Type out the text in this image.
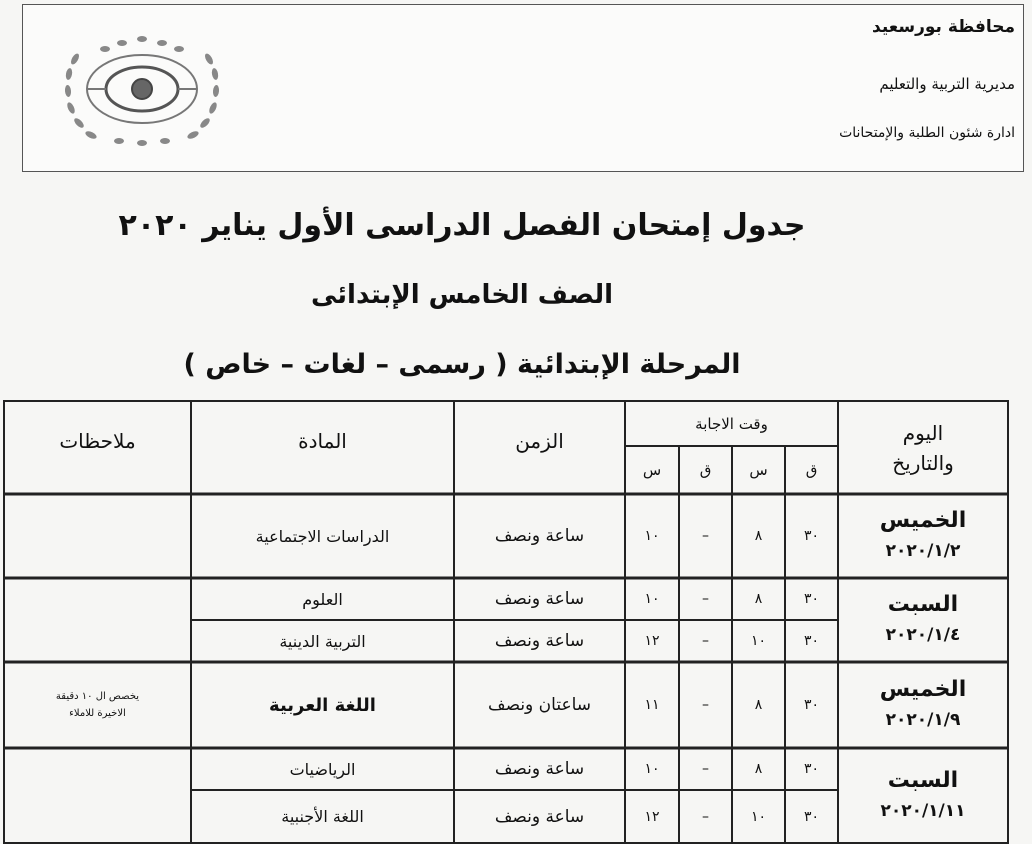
محافظة بورسعيد
مديرية التربية والتعليم
ادارة شئون الطلبة والإمتحانات
جدول إمتحان الفصل الدراسى الأول يناير ٢٠٢٠
الصف الخامس الإبتدائى
المرحلة الإبتدائية ( رسمى – لغات – خاص )
اليوم
والتاريخ
وقت الاجابة
ق
س
ق
س
الزمن
المادة
ملاحظات
الخميس
٢٠٢٠/١/٢
السبت
٢٠٢٠/١/٤
الخميس
٢٠٢٠/١/٩
السبت
٢٠٢٠/١/١١
٣٠
٨
–
١٠
ساعة ونصف
الدراسات الاجتماعية
٣٠
٨
–
١٠
ساعة ونصف
العلوم
٣٠
١٠
–
١٢
ساعة ونصف
التربية الدينية
٣٠
٨
–
١١
ساعتان ونصف
اللغة العربية
يخصص ال ١٠ دقيقة
الاخيرة للاملاء
٣٠
٨
–
١٠
ساعة ونصف
الرياضيات
٣٠
١٠
–
١٢
ساعة ونصف
اللغة الأجنبية
